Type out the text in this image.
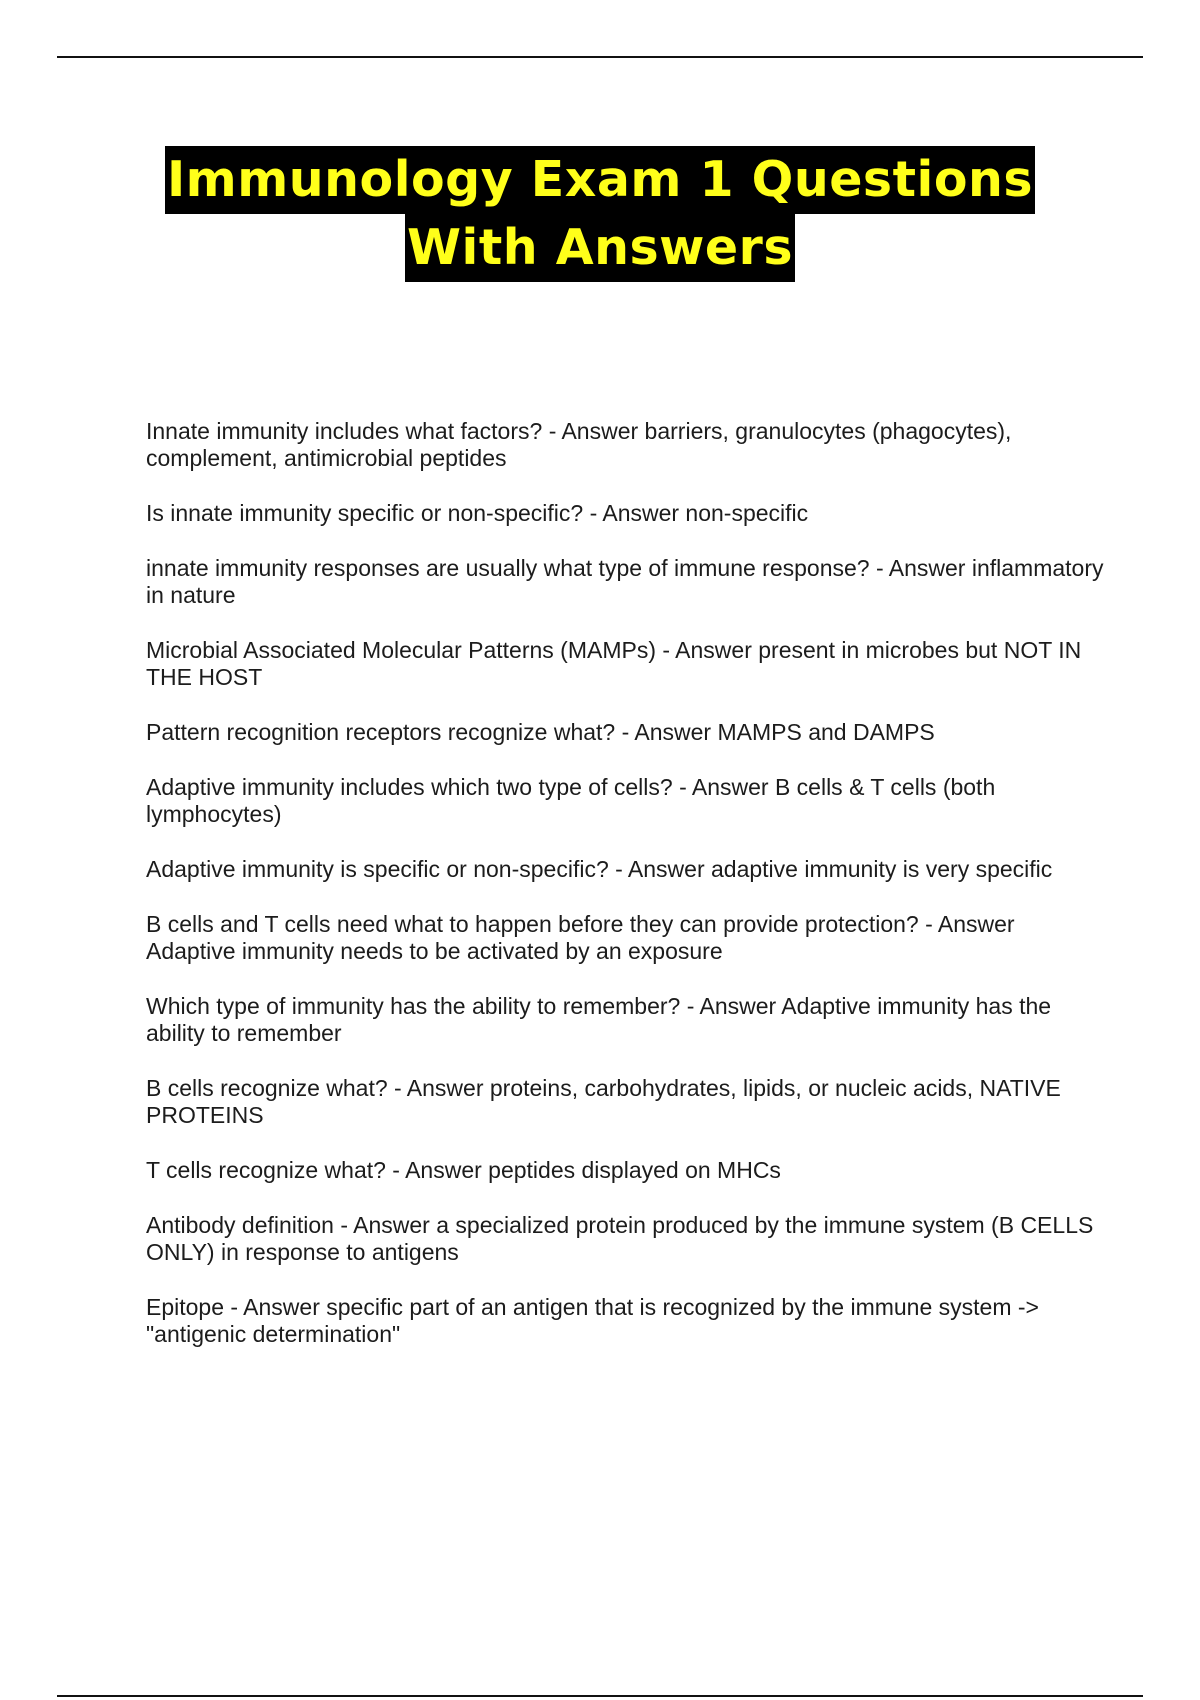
Immunology Exam 1 Questions
With Answers
Innate immunity includes what factors? - Answer barriers, granulocytes (phagocytes), complement, antimicrobial peptides
Is innate immunity specific or non-specific? - Answer non-specific
innate immunity responses are usually what type of immune response? - Answer inflammatory in nature
Microbial Associated Molecular Patterns (MAMPs) - Answer present in microbes but NOT IN THE HOST
Pattern recognition receptors recognize what? - Answer MAMPS and DAMPS
Adaptive immunity includes which two type of cells? - Answer B cells & T cells (both lymphocytes)
Adaptive immunity is specific or non-specific? - Answer adaptive immunity is very specific
B cells and T cells need what to happen before they can provide protection? - Answer Adaptive immunity needs to be activated by an exposure
Which type of immunity has the ability to remember? - Answer Adaptive immunity has the ability to remember
B cells recognize what? - Answer proteins, carbohydrates, lipids, or nucleic acids, NATIVE PROTEINS
T cells recognize what? - Answer peptides displayed on MHCs
Antibody definition - Answer a specialized protein produced by the immune system (B CELLS ONLY) in response to antigens
Epitope - Answer specific part of an antigen that is recognized by the immune system -> "antigenic determination"
